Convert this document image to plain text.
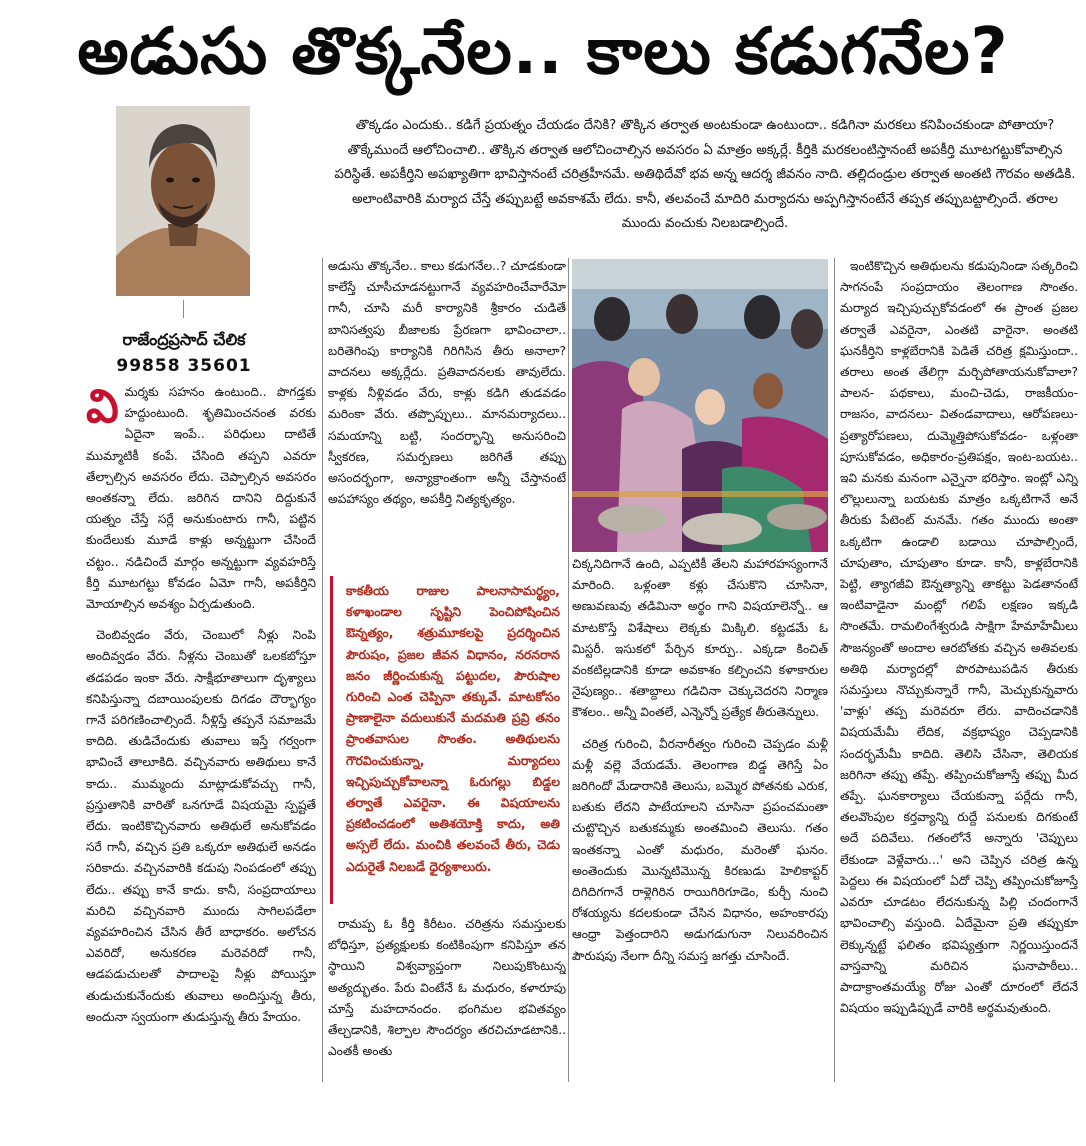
అడుసు తొక్కనేల.. కాలు కడుగనేల?
రాజేంద్రప్రసాద్ చేలిక
99858 35601
తొక్కడం ఎందుకు.. కడిగే ప్రయత్నం చేయడం దేనికి? తొక్కిన తర్వాత అంటకుండా ఉంటుందా.. కడిగినా మరకలు కనిపించకుండా పోతాయా? తొక్కేముందే ఆలోచించాలి.. తొక్కిన తర్వాత ఆలోచించాల్సిన అవసరం ఏ మాత్రం అక్కర్లే. కీర్తికి మరకలంటిస్తానంటే అపకీర్తి మూటగట్టుకోవాల్సిన పరిస్థితే. అపకీర్తిని అపఖ్యాతిగా భావిస్తానంటే చరిత్రహీనమే. అతిథిదేవో భవ అన్న ఆదర్శ జీవనం నాది. తల్లిదండ్రుల తర్వాత అంతటి గౌరవం అతడికి. అలాంటివారికి మర్యాద చేస్తే తప్పుబట్టే అవకాశమే లేదు. కానీ, తలవంచే మాదిరి మర్యాదను అప్పగిస్తానంటేనే తప్పక తప్పుబట్టాల్సిందే. తరాల ముందు వంచుకు నిలబడాల్సిందే.

వి మర్శకు సహనం ఉంటుంది.. పొగడ్తకు హద్దుంటుంది. శృతిమించనంత వరకు ఏదైనా ఇంపే.. పరిధులు దాటితే ముమ్మాటికీ కంపే. చేసింది తప్పని ఎవరూ తేల్చాల్సిన అవసరం లేదు. చెప్పాల్సిన అవసరం అంతకన్నా లేదు. జరిగిన దానిని దిద్దుకునే యత్నం చేస్తే సర్లే అనుకుంటారు గానీ, పట్టిన కుందేలుకు మూడే కాళ్లు అన్నట్టుగా చేసిందే చట్టం.. నడిచిందే మార్గం అన్నట్టుగా వ్యవహరిస్తే కీర్తి మూటగట్టు కోవడం ఏమో గానీ, అపకీర్తిని మోయాల్సిన అవశ్యం ఏర్పడుతుంది.

చెంబివ్వడం వేరు, చెంబులో నీళ్లు నింపి అందివ్వడం వేరు. నీళ్లను చెంబుతో ఒలకబోస్తూ తడపడం ఇంకా వేరు. సాక్షీభూతాలుగా దృశ్యాలు కనిపిస్తున్నా దబాయింపులకు దిగడం దౌర్భాగ్యం గానే పరిగణించాల్సిందే. నీళ్లిస్తే తప్పనే సమాజమే కాదిది. తుడిచేందుకు తువాలు ఇస్తే గర్వంగా భావించే తాలూకిది. వచ్చినవారు అతిథులు కానే కాదు.. ముమ్మందు మాట్లాడుకోవచ్చు గానీ, ప్రస్తుతానికి వారితో ఒనగూడే విషయమై స్పష్టతే లేదు. ఇంటికొచ్చినవారు అతిథులే అనుకోవడం సరే గానీ, వచ్చిన ప్రతి ఒక్కరూ అతిథులే అనడం సరికాదు. వచ్చినవారికి కడుపు నింపడంలో తప్పు లేదు.. తప్పు కానే కాదు. కానీ, సంప్రదాయాలు మరిచి వచ్చినవారి ముందు సాగిలపడేలా వ్యవహరించిన చేసిన తీరే బాధాకరం. అలోచన ఎవరిదో, అనుకరణ మరెవరిదో గానీ, ఆడపడుచులతో పాదాలపై నీళ్లు పోయిస్తూ తుడుచుకునేందుకు తువాలు అందిస్తున్న తీరు, అందునా స్వయంగా తుడుస్తున్న తీరు హేయం.

అడుసు తొక్కనేల.. కాలు కడుగనేల..? చూడకుండా కాలేస్తే చూసీచూడనట్టుగానే వ్యవహరించేవారేమో గానీ, చూసి మరీ కార్యానికి శ్రీకారం చుడితే బానిసత్వపు బీజాలకు ప్రేరణగా భావించాలా.. బరితెగింపు కార్యానికి గిరిగిసిన తీరు అనాలా? వాదనలు అక్కర్లేదు. ప్రతివాదనలకు తావులేదు. కాళ్లకు నీళ్లివడం వేరు, కాళ్లు కడిగి తుడవడం మరింకా వేరు. తప్పొప్పులు.. మానమర్యాదలు.. సమయాన్ని బట్టి, సందర్భాన్ని అనుసరించి స్వీకరణ, సమర్పణలు జరిగితే తప్పు అసందర్భంగా, అన్యాక్రాంతంగా అన్నీ చేస్తానంటే అపహాస్యం తథ్యం, అపకీర్తి నిత్యకృత్యం.

కాకతీయ రాజుల పాలనాసామర్థ్యం, కళాఖండాల సృష్టిని పెంచిపోషించిన ఔన్నత్యం, శత్రుమూకలపై ప్రదర్శించిన పౌరుషం, ప్రజల జీవన విధానం, నరనరాన జనం జీర్ణించుకున్న పట్టుదల, పౌరుషాల గురించి ఎంత చెప్పినా తక్కువే. మాటకోసం ప్రాణాలైనా వదులుకునే మదమతి ప్రవ్రి తనం ప్రాంతవాసుల సొంతం. అతిథులను గౌరవించుకున్నా, మర్యాదలు ఇచ్చిపుచ్చుకోవాలన్నా ఓరుగల్లు బిడ్డల తర్వాతే ఎవరైనా. ఈ విషయాలను ప్రకటించడంలో అతిశయోక్తి కాదు, అతి అస్సలే లేదు. మంచికి తలవంచే తీరు, చెడు ఎదురైతే నిలబడే ధైర్యశాలురు.

రామప్ప ఓ కీర్తి కిరీటం. చరిత్రను సమస్తులకు బోధిస్తూ, ప్రత్యక్షులకు కంటికింపుగా కనిపిస్తూ తన స్థాయిని విశ్వవ్యాప్తంగా నిలుపుకొంటున్న అత్యద్భుతం. పేరు వింటేనే ఓ మధురం, కళారూపు చూస్తే మహదానందం. భంగిమల భవితవ్యం తేల్చడానికి, శిల్పాల సౌందర్యం తరచిచూడటానికి.. ఎంతకీ అంతు

చిక్కనిదిగానే ఉంది, ఎప్పటికీ తేలని మహారహస్యంగానే మారింది. ఒళ్లంతా కళ్లు చేసుకొని చూసినా, అణువణువు తడిమినా అర్థం గాని విషయాలెన్నో.. ఆ మాటకొస్తే విశేషాలు లెక్కకు మిక్కిలి. కట్టడమే ఓ మిస్టరీ. ఇసుకలో పేర్చిన కూర్పు.. ఎక్కడా కించిత్ వంకటిల్లడానికి కూడా అవకాశం కల్పించని కళాకారుల నైపుణ్యం.. శతాబ్దాలు గడిచినా చెక్కుచెదరని నిర్మాణ కౌశలం.. అన్నీ వింతలే, ఎన్నెన్నో ప్రత్యేక తీరుతెన్నులు.

చరిత్ర గురించి, వీరనారీత్వం గురించి చెప్పడం మళ్లీ మళ్లీ వల్లె వేయడమే. తెలంగాణ బిడ్డ తెగిస్తే ఏం జరిగిందో మేడారానికి తెలుసు, బమ్మెర పోతనకు ఎరుక, బతుకు లేదని పాటేయాలని చూసినా ప్రపంచమంతా చుట్టొచ్చిన బతుకమ్మకు అంతమించి తెలుసు. గతం ఇంతకన్నా ఎంతో మధురం, మరెంతో ఘనం. అంతెందుకు మొన్నటిమొన్న కిరణుడు హెలికాప్టర్ దిగిదిగగానే రాళ్లెగిరిన రాయిగిరిగూడెం, కుర్చీ నుంచి రోశయ్యను కదలకుండా చేసిన విధానం, అహంకారపు ఆంధ్రా పెత్తందారిని అడుగడుగునా నిలువరించిన పౌరుషపు నేలగా దీన్ని సమస్త జగత్తు చూసిందే.

ఇంటికొచ్చిన అతిథులను కడుపునిండా సత్కరించి సాగనంపే సంప్రదాయం తెలంగాణ సొంతం. మర్యాద ఇచ్చిపుచ్చుకోవడంలో ఈ ప్రాంత ప్రజల తర్వాతే ఎవరైనా, ఎంతటి వారైనా. అంతటి ఘనకీర్తిని కాళ్లబేరానికి పెడితే చరిత్ర క్షమిస్తుందా.. తరాలు అంత తేలిగ్గా మర్చిపోతాయనుకోవాలా? పాలన- పథకాలు, మంచి-చెడు, రాజకీయం- రాజసం, వాదనలు- వితండవాదాలు, ఆరోపణలు- ప్రత్యారోపణలు, దుమ్మెత్తిపోసుకోవడం- ఒళ్లంతా పూసుకోవడం, అధికారం-ప్రతిపక్షం, ఇంట-బయట.. ఇవి మనకు మనంగా ఎన్నైనా భరిస్తాం. ఇంట్లో ఎన్ని లొల్లులున్నా బయటకు మాత్రం ఒక్కటిగానే అనే తీరుకు పేటెంట్ మనమే. గతం ముందు అంతా ఒక్కటిగా ఉండాలి బడాయి చూపాల్సిందే, చూపుతాం, చూపుతాం కూడా. కానీ, కాళ్లబేరానికి పెట్టి, త్యాగజీవి ఔన్నత్యాన్ని తాకట్టు పెడతానంటే ఇంటివాడైనా మంట్లో గలిపే లక్షణం ఇక్కడి సొంతమే. రామలింగేశ్వరుడి సాక్షిగా హేమాహేమీలు సౌజన్యంతో అందాల ఆరబోతకు వచ్చిన అతివలకు అతిథి మర్యాదల్లో పొరపాటుపడిన తీరుకు సమస్తులు నొచ్చుకున్నారే గానీ, మెచ్చుకున్నవారు 'వాళ్లు' తప్ప మరెవరూ లేరు. వాదించడానికి విషయమేమీ లేదిక, వక్రభాష్యం చెప్పడానికి సందర్భమేమీ కాదిది. తెలిసి చేసినా, తెలియక జరిగినా తప్పు తప్పే. తప్పించుకోజూస్తే తప్పు మీద తప్పే. ఘనకార్యాలు చేయకున్నా పర్లేదు గానీ, తలవొంపుల కర్తవ్యాన్ని రుద్దే పనులకు దిగకుంటే అదే పదివేలు. గతంలోనే అన్నారు 'చెప్పులు లేకుండా వెళ్లేవారు...' అని చెప్పిన చరిత్ర ఉన్న పెద్దలు ఈ విషయంలో ఏదో చెప్పి తప్పించుకోజూస్తే ఎవరూ చూడటం లేదనుకున్న పిల్లి చందంగానే భావించాల్సి వస్తుంది. ఏదేమైనా ప్రతి తప్పుకూ లెక్కున్నట్టే ఫలితం భవిష్యత్తుగా నిర్ణయిస్తుందనే వాస్తవాన్ని మరిచిన ఘనాపాఠీలు.. పాదాక్రాంతమయ్యే రోజు ఎంతో దూరంలో లేదనే విషయం ఇప్పుడిప్పుడే వారికి అర్థమవుతుంది.
